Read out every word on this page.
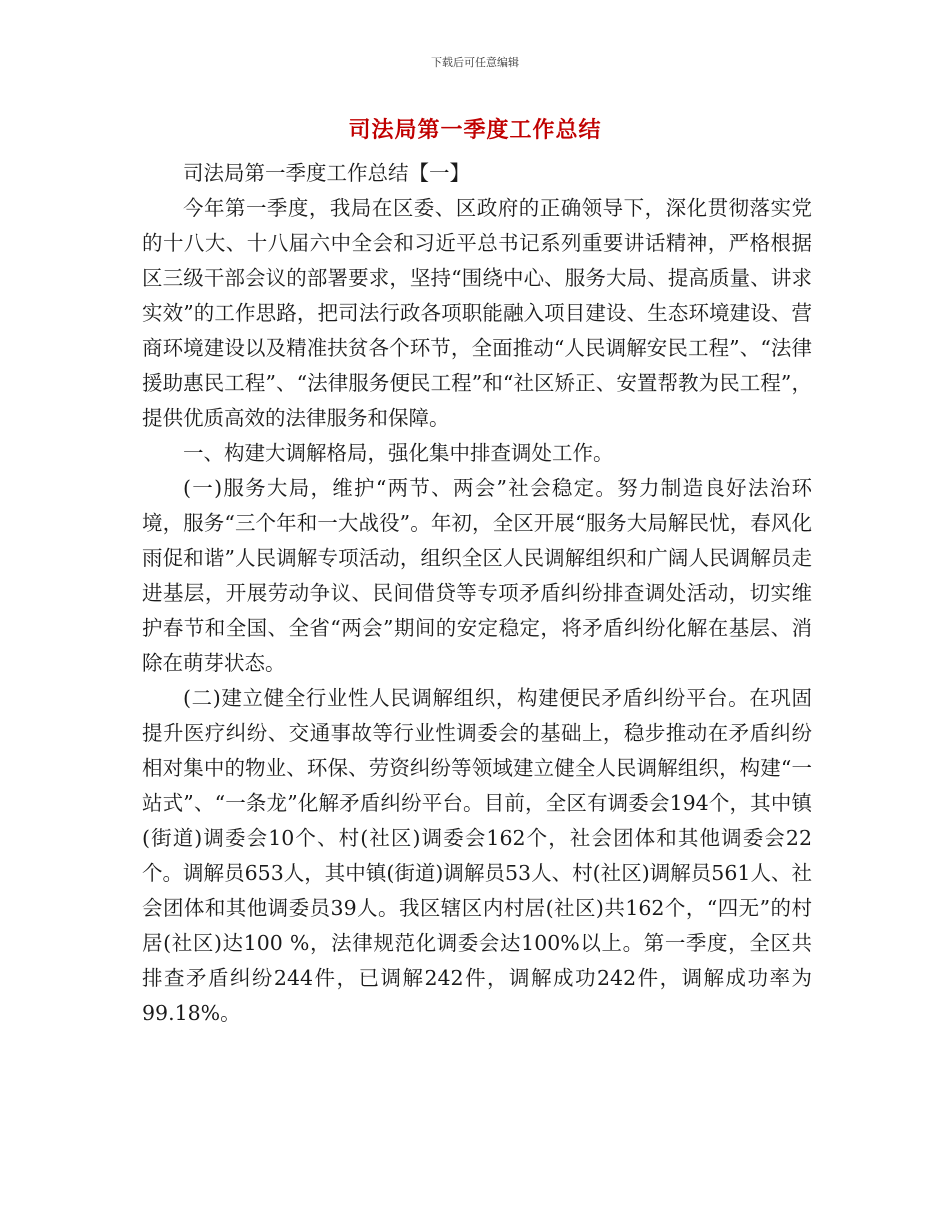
下载后可任意编辑
司法局第一季度工作总结

司法局第一季度工作总结【一】

今年第一季度，我局在区委、区政府的正确领导下，深化贯彻落实党的十八大、十八届六中全会和习近平总书记系列重要讲话精神，严格根据区三级干部会议的部署要求，坚持“围绕中心、服务大局、提高质量、讲求实效”的工作思路，把司法行政各项职能融入项目建设、生态环境建设、营商环境建设以及精准扶贫各个环节，全面推动“人民调解安民工程”、“法律援助惠民工程”、“法律服务便民工程”和“社区矫正、安置帮教为民工程”，提供优质高效的法律服务和保障。

一、构建大调解格局，强化集中排查调处工作。

(一)服务大局，维护“两节、两会”社会稳定。努力制造良好法治环境，服务“三个年和一大战役”。年初，全区开展“服务大局解民忧，春风化雨促和谐”人民调解专项活动，组织全区人民调解组织和广阔人民调解员走进基层，开展劳动争议、民间借贷等专项矛盾纠纷排查调处活动，切实维护春节和全国、全省“两会”期间的安定稳定，将矛盾纠纷化解在基层、消除在萌芽状态。

(二)建立健全行业性人民调解组织，构建便民矛盾纠纷平台。在巩固提升医疗纠纷、交通事故等行业性调委会的基础上，稳步推动在矛盾纠纷相对集中的物业、环保、劳资纠纷等领域建立健全人民调解组织，构建“一站式”、“一条龙”化解矛盾纠纷平台。目前，全区有调委会194个，其中镇(街道)调委会10个、村(社区)调委会162个，社会团体和其他调委会22个。调解员653人，其中镇(街道)调解员53人、村(社区)调解员561人、社会团体和其他调委员39人。我区辖区内村居(社区)共162个，“四无”的村居(社区)达100 %，法律规范化调委会达100%以上。第一季度，全区共排查矛盾纠纷244件，已调解242件，调解成功242件，调解成功率为99.18%。
